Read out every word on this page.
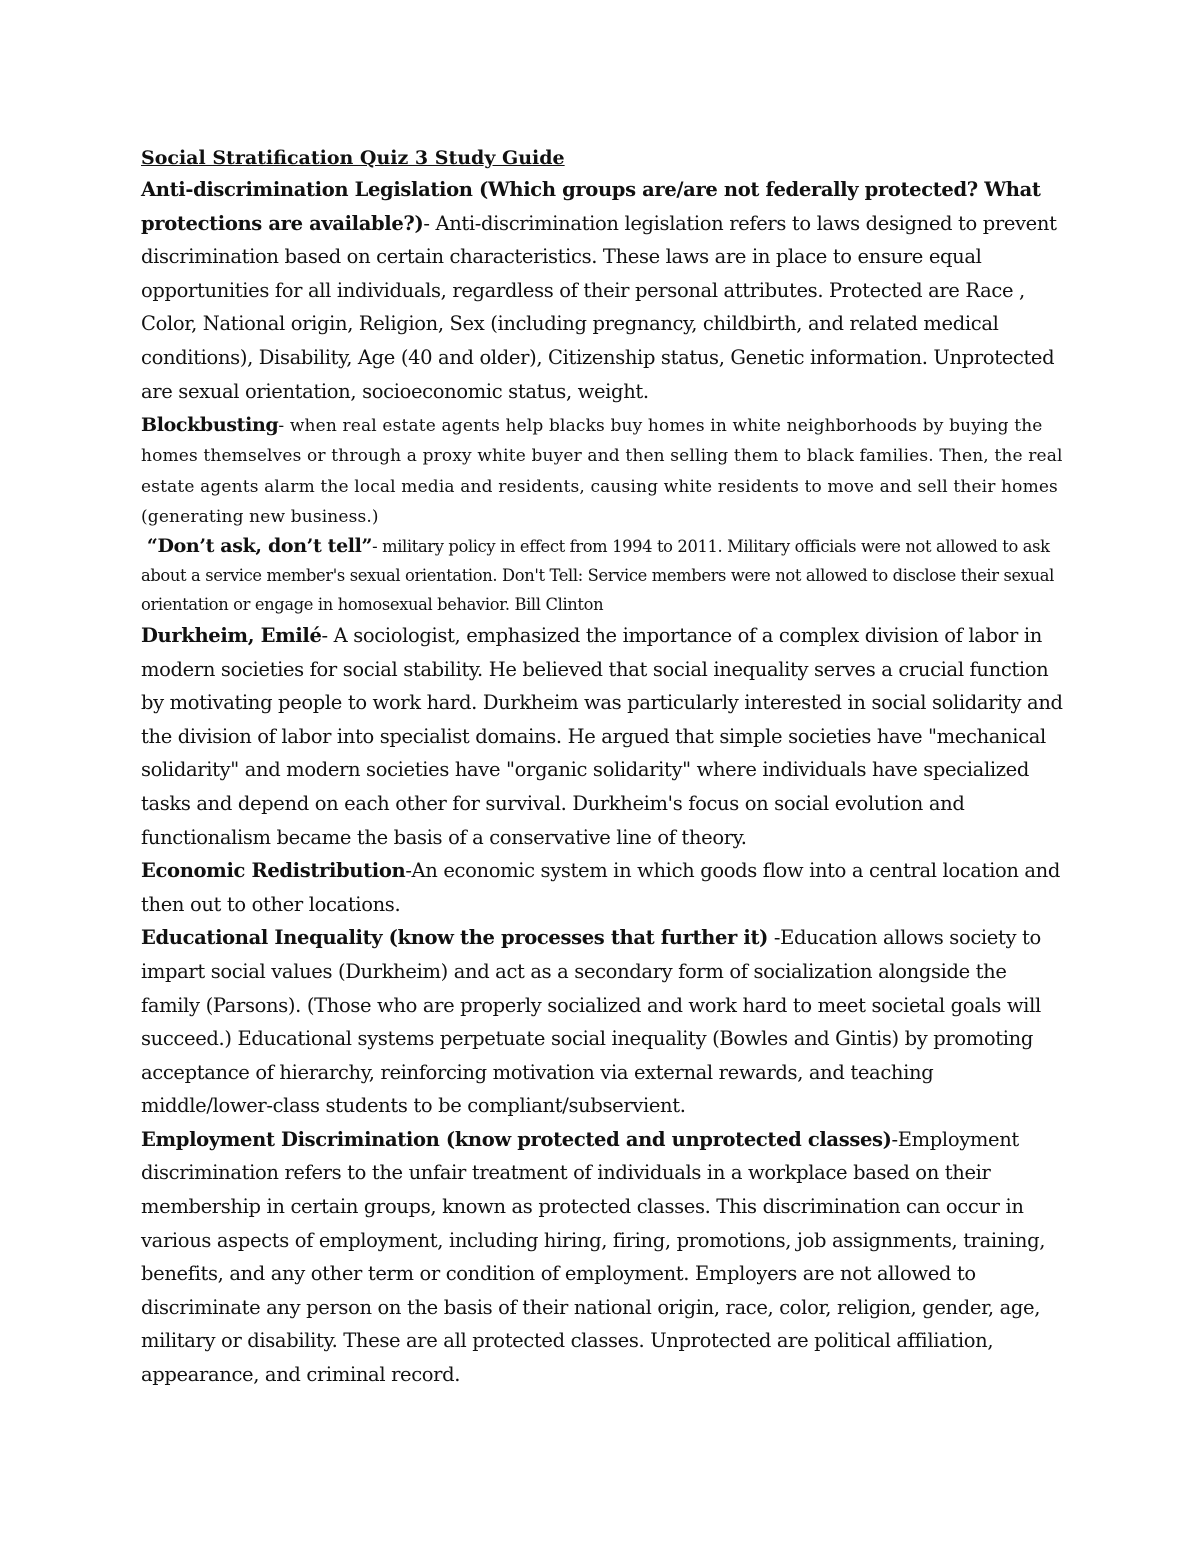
Social Stratification Quiz 3 Study Guide

Anti-discrimination Legislation (Which groups are/are not federally protected? What protections are available?)- Anti-discrimination legislation refers to laws designed to prevent discrimination based on certain characteristics. These laws are in place to ensure equal opportunities for all individuals, regardless of their personal attributes. Protected are Race , Color, National origin, Religion, Sex (including pregnancy, childbirth, and related medical conditions), Disability, Age (40 and older), Citizenship status, Genetic information. Unprotected are sexual orientation, socioeconomic status, weight.

Blockbusting- when real estate agents help blacks buy homes in white neighborhoods by buying the homes themselves or through a proxy white buyer and then selling them to black families. Then, the real estate agents alarm the local media and residents, causing white residents to move and sell their homes (generating new business.)

“Don’t ask, don’t tell”- military policy in effect from 1994 to 2011. Military officials were not allowed to ask about a service member's sexual orientation. Don't Tell: Service members were not allowed to disclose their sexual orientation or engage in homosexual behavior. Bill Clinton

Durkheim, Emilé- A sociologist, emphasized the importance of a complex division of labor in modern societies for social stability. He believed that social inequality serves a crucial function by motivating people to work hard. Durkheim was particularly interested in social solidarity and the division of labor into specialist domains. He argued that simple societies have "mechanical solidarity" and modern societies have "organic solidarity" where individuals have specialized tasks and depend on each other for survival. Durkheim's focus on social evolution and functionalism became the basis of a conservative line of theory.

Economic Redistribution-An economic system in which goods flow into a central location and then out to other locations.

Educational Inequality (know the processes that further it) -Education allows society to impart social values (Durkheim) and act as a secondary form of socialization alongside the family (Parsons). (Those who are properly socialized and work hard to meet societal goals will succeed.) Educational systems perpetuate social inequality (Bowles and Gintis) by promoting acceptance of hierarchy, reinforcing motivation via external rewards, and teaching middle/lower-class students to be compliant/subservient.

Employment Discrimination (know protected and unprotected classes)-Employment discrimination refers to the unfair treatment of individuals in a workplace based on their membership in certain groups, known as protected classes. This discrimination can occur in various aspects of employment, including hiring, firing, promotions, job assignments, training, benefits, and any other term or condition of employment. Employers are not allowed to discriminate any person on the basis of their national origin, race, color, religion, gender, age, military or disability. These are all protected classes. Unprotected are political affiliation, appearance, and criminal record.
